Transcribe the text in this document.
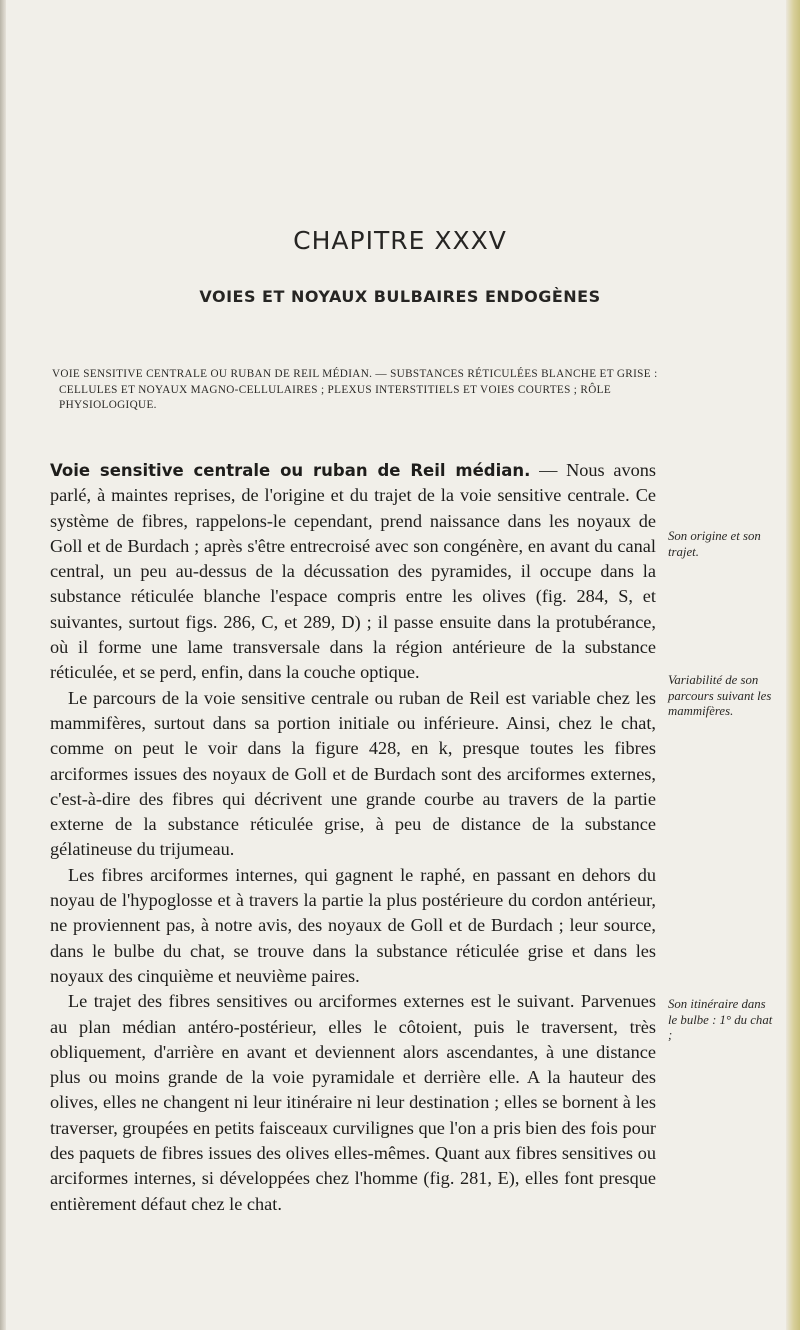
CHAPITRE XXXV
VOIES ET NOYAUX BULBAIRES ENDOGÈNES
VOIE SENSITIVE CENTRALE OU RUBAN DE REIL MÉDIAN. — SUBSTANCES RÉTICULÉES BLANCHE ET GRISE : CELLULES ET NOYAUX MAGNO-CELLULAIRES ; PLEXUS INTERSTITIELS ET VOIES COURTES ; RÔLE PHYSIOLOGIQUE.

Voie sensitive centrale ou ruban de Reil médian. — Nous avons parlé, à maintes reprises, de l'origine et du trajet de la voie sensitive centrale. Ce système de fibres, rappelons-le cependant, prend naissance dans les noyaux de Goll et de Burdach ; après s'être entrecroisé avec son congénère, en avant du canal central, un peu au-dessus de la décussation des pyramides, il occupe dans la substance réticulée blanche l'espace compris entre les olives (fig. 284, S, et suivantes, surtout figs. 286, C, et 289, D) ; il passe ensuite dans la protubérance, où il forme une lame transversale dans la région antérieure de la substance réticulée, et se perd, enfin, dans la couche optique.

Le parcours de la voie sensitive centrale ou ruban de Reil est variable chez les mammifères, surtout dans sa portion initiale ou inférieure. Ainsi, chez le chat, comme on peut le voir dans la figure 428, en k, presque toutes les fibres arciformes issues des noyaux de Goll et de Burdach sont des arciformes externes, c'est-à-dire des fibres qui décrivent une grande courbe au travers de la partie externe de la substance réticulée grise, à peu de distance de la substance gélatineuse du trijumeau.

Les fibres arciformes internes, qui gagnent le raphé, en passant en dehors du noyau de l'hypoglosse et à travers la partie la plus postérieure du cordon antérieur, ne proviennent pas, à notre avis, des noyaux de Goll et de Burdach ; leur source, dans le bulbe du chat, se trouve dans la substance réticulée grise et dans les noyaux des cinquième et neuvième paires.

Le trajet des fibres sensitives ou arciformes externes est le suivant. Parvenues au plan médian antéro-postérieur, elles le côtoient, puis le traversent, très obliquement, d'arrière en avant et deviennent alors ascendantes, à une distance plus ou moins grande de la voie pyramidale et derrière elle. A la hauteur des olives, elles ne changent ni leur itinéraire ni leur destination ; elles se bornent à les traverser, groupées en petits faisceaux curvilignes que l'on a pris bien des fois pour des paquets de fibres issues des olives elles-mêmes. Quant aux fibres sensitives ou arciformes internes, si développées chez l'homme (fig. 281, E), elles font presque entièrement défaut chez le chat.

Son origine et son trajet.
Variabilité de son parcours suivant les mammifères.
Son itinéraire dans le bulbe : 1° du chat ;
